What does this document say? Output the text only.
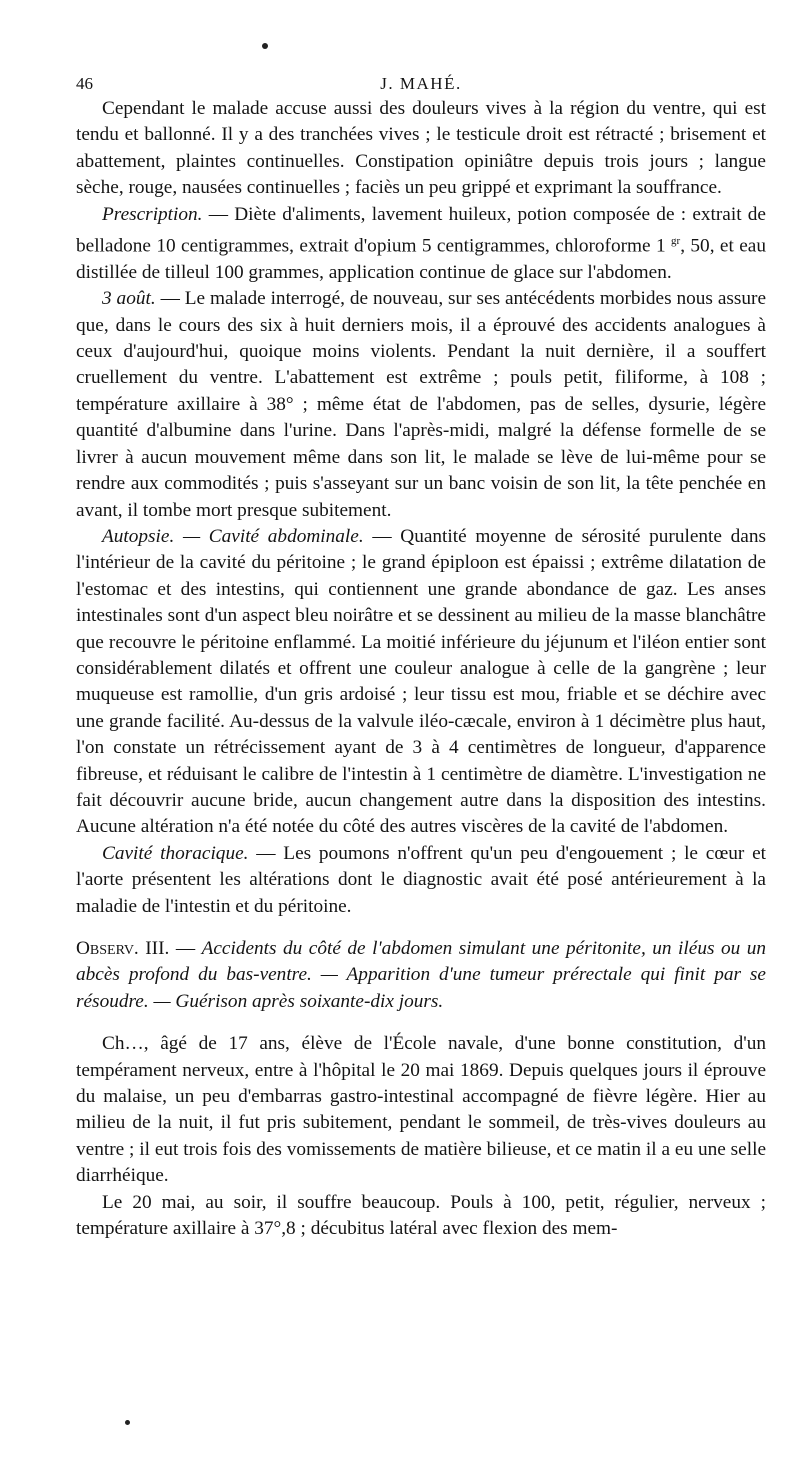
46	J. MAHÉ.

Cependant le malade accuse aussi des douleurs vives à la région du ventre, qui est tendu et ballonné. Il y a des tranchées vives ; le testicule droit est rétracté ; brisement et abattement, plaintes continuelles. Constipation opiniâtre depuis trois jours ; langue sèche, rouge, nausées continuelles ; faciès un peu grippé et exprimant la souffrance.

Prescription. — Diète d'aliments, lavement huileux, potion composée de : extrait de belladone 10 centigrammes, extrait d'opium 5 centigrammes, chloroforme 1 $^{gr}$, 50, et eau distillée de tilleul 100 grammes, application continue de glace sur l'abdomen.

3 août. — Le malade interrogé, de nouveau, sur ses antécédents morbides nous assure que, dans le cours des six à huit derniers mois, il a éprouvé des accidents analogues à ceux d'aujourd'hui, quoique moins violents. Pendant la nuit dernière, il a souffert cruellement du ventre. L'abattement est extrême ; pouls petit, filiforme, à 108 ; température axillaire à 38° ; même état de l'abdomen, pas de selles, dysurie, légère quantité d'albumine dans l'urine. Dans l'après-midi, malgré la défense formelle de se livrer à aucun mouvement même dans son lit, le malade se lève de lui-même pour se rendre aux commodités ; puis s'asseyant sur un banc voisin de son lit, la tête penchée en avant, il tombe mort presque subitement.

Autopsie. — Cavité abdominale. — Quantité moyenne de sérosité purulente dans l'intérieur de la cavité du péritoine ; le grand épiploon est épaissi ; extrême dilatation de l'estomac et des intestins, qui contiennent une grande abondance de gaz. Les anses intestinales sont d'un aspect bleu noirâtre et se dessinent au milieu de la masse blanchâtre que recouvre le péritoine enflammé. La moitié inférieure du jéjunum et l'iléon entier sont considérablement dilatés et offrent une couleur analogue à celle de la gangrène ; leur muqueuse est ramollie, d'un gris ardoisé ; leur tissu est mou, friable et se déchire avec une grande facilité. Au-dessus de la valvule iléo-cæcale, environ à 1 décimètre plus haut, l'on constate un rétrécissement ayant de 3 à 4 centimètres de longueur, d'apparence fibreuse, et réduisant le calibre de l'intestin à 1 centimètre de diamètre. L'investigation ne fait découvrir aucune bride, aucun changement autre dans la disposition des intestins. Aucune altération n'a été notée du côté des autres viscères de la cavité de l'abdomen.

Cavité thoracique. — Les poumons n'offrent qu'un peu d'engouement ; le cœur et l'aorte présentent les altérations dont le diagnostic avait été posé antérieurement à la maladie de l'intestin et du péritoine.

Observ. III. — Accidents du côté de l'abdomen simulant une péritonite, un iléus ou un abcès profond du bas-ventre. — Apparition d'une tumeur prérectale qui finit par se résoudre. — Guérison après soixante-dix jours.

Ch…, âgé de 17 ans, élève de l'École navale, d'une bonne constitution, d'un tempérament nerveux, entre à l'hôpital le 20 mai 1869. Depuis quelques jours il éprouve du malaise, un peu d'embarras gastro-intestinal accompagné de fièvre légère. Hier au milieu de la nuit, il fut pris subitement, pendant le sommeil, de très-vives douleurs au ventre ; il eut trois fois des vomissements de matière bilieuse, et ce matin il a eu une selle diarrhéique.

Le 20 mai, au soir, il souffre beaucoup. Pouls à 100, petit, régulier, nerveux ; température axillaire à 37°,8 ; décubitus latéral avec flexion des mem-
